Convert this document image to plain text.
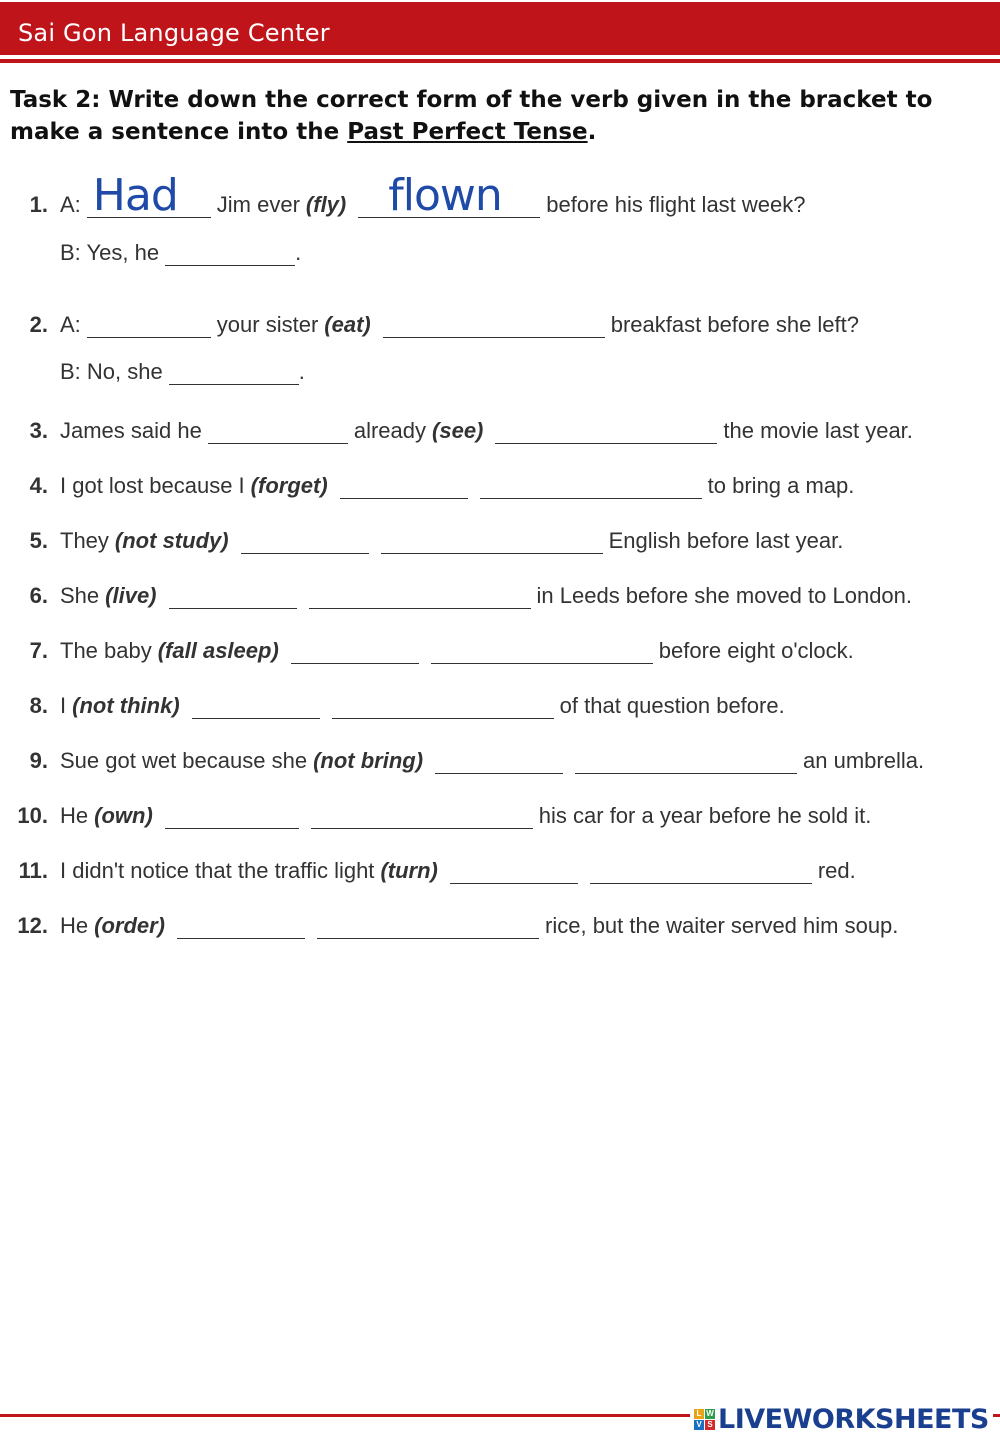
Sai Gon Language Center
Task 2: Write down the correct form of the verb given in the bracket to make a sentence into the Past Perfect Tense.
1. A: Had Jim ever (fly) flown before his flight last week?
B: Yes, he	.
2. A:	your sister (eat)	breakfast before she left?
B: No, she	.
3. James said he	already (see)	the movie last year.
4. I got lost because I (forget)	to bring a map.
5. They (not study)	English before last year.
6. She (live)	in Leeds before she moved to London.
7. The baby (fall asleep)	before eight o'clock.
8. I (not think)	of that question before.
9. Sue got wet because she (not bring)	an umbrella.
10. He (own)	his car for a year before he sold it.
11. I didn't notice that the traffic light (turn)	red.
12. He (order)	rice, but the waiter served him soup.
L W
V S LIVEWORKSHEETS
